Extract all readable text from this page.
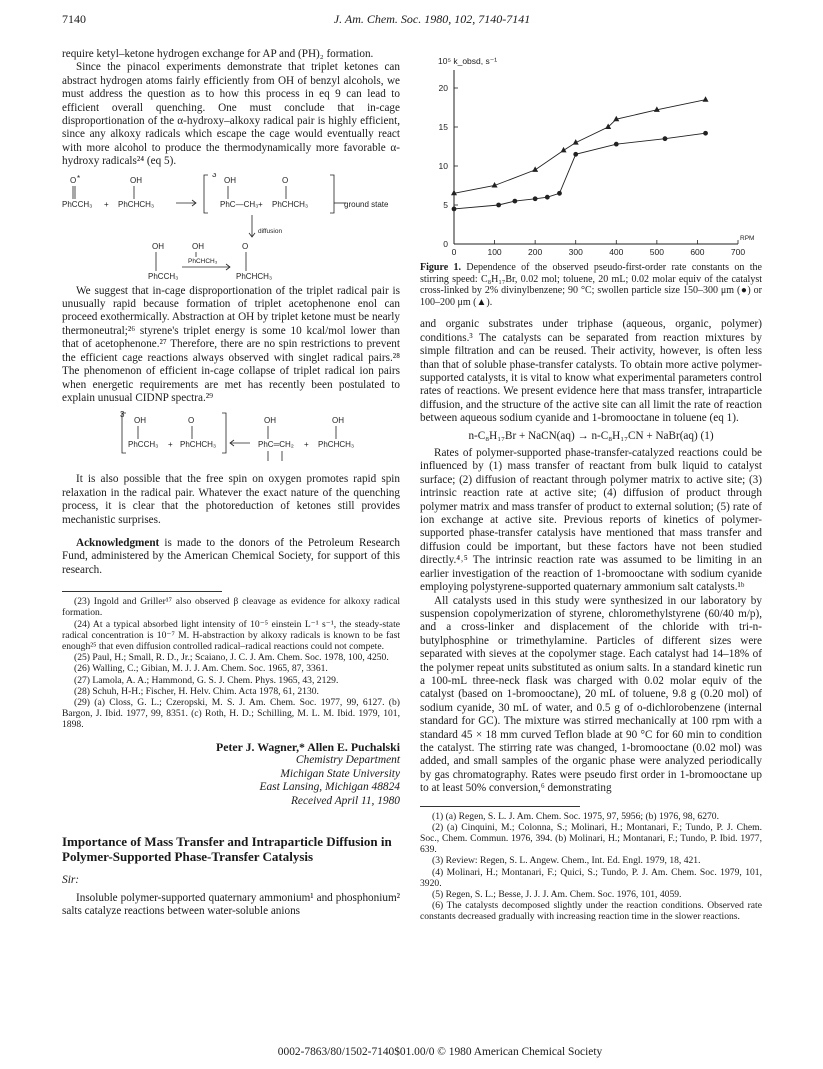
7140	J. Am. Chem. Soc. 1980, 102, 7140-7141

require ketyl–ketone hydrogen exchange for AP and (PH)₂ formation.

Since the pinacol experiments demonstrate that triplet ketones can abstract hydrogen atoms fairly efficiently from OH of benzyl alcohols, we must address the question as to how this process in eq 9 can lead to efficient overall quenching. One must conclude that in-cage disproportionation of the α-hydroxy–alkoxy radical pair is highly efficient, since any alkoxy radicals which escape the cage would eventually react with more alcohol to produce the thermodynamically more favorable α-hydroxy radicals²⁴ (eq 5).

O *	OH
PhCCH₃ + PhCHCH₃
3
OH	O
PhC—CH₃ + PhCHCH₃	ground state
diffusion
OH	OH	O
PhCHCH₃
PhCCH₃	PhCHCH₃

We suggest that in-cage disproportionation of the triplet radical pair is unusually rapid because formation of triplet acetophenone enol can proceed exothermically. Abstraction at OH by triplet ketone must be nearly thermoneutral;²⁶ styrene's triplet energy is some 10 kcal/mol lower than that of acetophenone.²⁷ Therefore, there are no spin restrictions to prevent the efficient cage reactions always observed with singlet radical pairs.²⁸ The phenomenon of efficient in-cage collapse of triplet radical ion pairs when energetic requirements are met has recently been postulated to explain unusual CIDNP spectra.²⁹

3
OH	O
PhCCH₃ + PhCHCH₃
OH	OH
PhC═CH₂ + PhCHCH₃

It is also possible that the free spin on oxygen promotes rapid spin relaxation in the radical pair. Whatever the exact nature of the quenching process, it is clear that the photoreduction of ketones still provides mechanistic surprises.

Acknowledgment is made to the donors of the Petroleum Research Fund, administered by the American Chemical Society, for support of this research.

(23) Ingold and Griller¹⁷ also observed β cleavage as evidence for alkoxy radical formation.

(24) At a typical absorbed light intensity of 10⁻⁵ einstein L⁻¹ s⁻¹, the steady-state radical concentration is 10⁻⁷ M. H-abstraction by alkoxy radicals is known to be fast enough²⁵ that even diffusion controlled radical–radical reactions could not compete.

(25) Paul, H.; Small, R. D., Jr.; Scaiano, J. C. J. Am. Chem. Soc. 1978, 100, 4250.

(26) Walling, C.; Gibian, M. J. J. Am. Chem. Soc. 1965, 87, 3361.

(27) Lamola, A. A.; Hammond, G. S. J. Chem. Phys. 1965, 43, 2129.

(28) Schuh, H-H.; Fischer, H. Helv. Chim. Acta 1978, 61, 2130.

(29) (a) Closs, G. L.; Czeropski, M. S. J. Am. Chem. Soc. 1977, 99, 6127. (b) Bargon, J. Ibid. 1977, 99, 8351. (c) Roth, H. D.; Schilling, M. L. M. Ibid. 1979, 101, 1898.

Peter J. Wagner,* Allen E. Puchalski
Chemistry Department
Michigan State University
East Lansing, Michigan 48824
Received April 11, 1980
Importance of Mass Transfer and Intraparticle Diffusion in Polymer-Supported Phase-Transfer Catalysis
Sir:

Insoluble polymer-supported quaternary ammonium¹ and phosphonium² salts catalyze reactions between water-soluble anions

10⁵ k_obsd, s⁻¹
RPM
0	100	200	300	400	500	600	700
0
5
10
15
20

Figure 1. Dependence of the observed pseudo-first-order rate constants on the stirring speed: C₈H₁₇Br, 0.02 mol; toluene, 20 mL; 0.02 molar equiv of the catalyst cross-linked by 2% divinylbenzene; 90 °C; swollen particle size 150–300 μm (●) or 100–200 μm (▲).

and organic substrates under triphase (aqueous, organic, polymer) conditions.³ The catalysts can be separated from reaction mixtures by simple filtration and can be reused. Their activity, however, is often less than that of soluble phase-transfer catalysts. To obtain more active polymer-supported catalysts, it is vital to know what experimental parameters control rates of reactions. We present evidence here that mass transfer, intraparticle diffusion, and the structure of the active site can all limit the rate of reaction between aqueous sodium cyanide and 1-bromooctane in toluene (eq 1).

n-C₈H₁₇Br + NaCN(aq) → n-C₈H₁₇CN + NaBr(aq) (1)

Rates of polymer-supported phase-transfer-catalyzed reactions could be influenced by (1) mass transfer of reactant from bulk liquid to catalyst surface; (2) diffusion of reactant through polymer matrix to active site; (3) intrinsic reaction rate at active site; (4) diffusion of product through polymer matrix and mass transfer of product to external solution; (5) rate of ion exchange at active site. Previous reports of kinetics of polymer-supported phase-transfer catalysis have mentioned that mass transfer and diffusion could be important, but these factors have not been studied directly.⁴˒⁵ The intrinsic reaction rate was assumed to be limiting in an earlier investigation of the reaction of 1-bromooctane with sodium cyanide employing polystyrene-supported quaternary ammonium salt catalysts.¹ᵇ

All catalysts used in this study were synthesized in our laboratory by suspension copolymerization of styrene, chloromethylstyrene (60/40 m/p), and a cross-linker and displacement of the chloride with tri-n-butylphosphine or trimethylamine. Particles of different sizes were separated with sieves at the copolymer stage. Each catalyst had 14–18% of the polymer repeat units substituted as onium salts. In a standard kinetic run a 100-mL three-neck flask was charged with 0.02 molar equiv of the catalyst (based on 1-bromooctane), 20 mL of toluene, 9.8 g (0.20 mol) of sodium cyanide, 30 mL of water, and 0.5 g of o-dichlorobenzene (internal standard for GC). The mixture was stirred mechanically at 100 rpm with a standard 45 × 18 mm curved Teflon blade at 90 °C for 60 min to condition the catalyst. The stirring rate was changed, 1-bromooctane (0.02 mol) was added, and small samples of the organic phase were analyzed periodically by gas chromatography. Rates were pseudo first order in 1-bromooctane up to at least 50% conversion,⁶ demonstrating

(1) (a) Regen, S. L. J. Am. Chem. Soc. 1975, 97, 5956; (b) 1976, 98, 6270.

(2) (a) Cinquini, M.; Colonna, S.; Molinari, H.; Montanari, F.; Tundo, P. J. Chem. Soc., Chem. Commun. 1976, 394. (b) Molinari, H.; Montanari, F.; Tundo, P. Ibid. 1977, 639.

(3) Review: Regen, S. L. Angew. Chem., Int. Ed. Engl. 1979, 18, 421.

(4) Molinari, H.; Montanari, F.; Quici, S.; Tundo, P. J. Am. Chem. Soc. 1979, 101, 3920.

(5) Regen, S. L.; Besse, J. J. J. Am. Chem. Soc. 1976, 101, 4059.

(6) The catalysts decomposed slightly under the reaction conditions. Observed rate constants decreased gradually with increasing reaction time in the slower reactions.

0002-7863/80/1502-7140$01.00/0 © 1980 American Chemical Society
